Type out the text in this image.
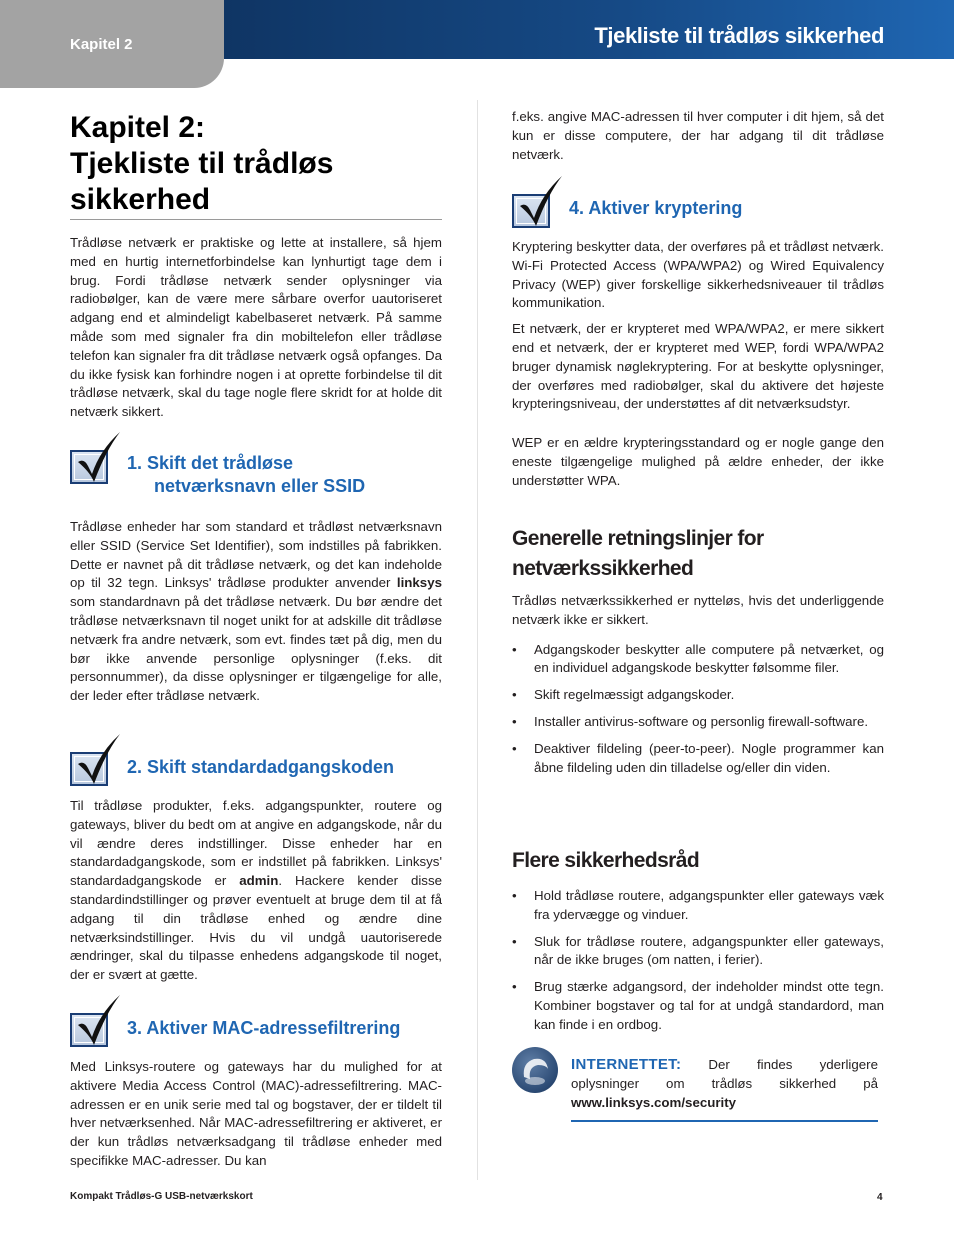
Kapitel 2	Tjekliste til trådløs sikkerhed
Kapitel 2:
Tjekliste til trådløs
sikkerhed

Trådløse netværk er praktiske og lette at installere, så hjem med en hurtig internetforbindelse kan lynhurtigt tage dem i brug. Fordi trådløse netværk sender oplysninger via radiobølger, kan de være mere sårbare overfor uautoriseret adgang end et almindeligt kabelbaseret netværk. På samme måde som med signaler fra din mobiltelefon eller trådløse telefon kan signaler fra dit trådløse netværk også opfanges. Da du ikke fysisk kan forhindre nogen i at oprette forbindelse til dit trådløse netværk, skal du tage nogle flere skridt for at holde dit netværk sikkert.

1. Skift det trådløse
netværksnavn eller SSID

Trådløse enheder har som standard et trådløst netværksnavn eller SSID (Service Set Identifier), som indstilles på fabrikken. Dette er navnet på dit trådløse netværk, og det kan indeholde op til 32 tegn. Linksys' trådløse produkter anvender linksys som standardnavn på det trådløse netværk. Du bør ændre det trådløse netværksnavn til noget unikt for at adskille dit trådløse netværk fra andre netværk, som evt. findes tæt på dig, men du bør ikke anvende personlige oplysninger (f.eks. dit personnummer), da disse oplysninger er tilgængelige for alle, der leder efter trådløse netværk.

2. Skift standardadgangskoden

Til trådløse produkter, f.eks. adgangspunkter, routere og gateways, bliver du bedt om at angive en adgangskode, når du vil ændre deres indstillinger. Disse enheder har en standardadgangskode, som er indstillet på fabrikken. Linksys' standardadgangskode er admin. Hackere kender disse standardindstillinger og prøver eventuelt at bruge dem til at få adgang til din trådløse enhed og ændre dine netværksindstillinger. Hvis du vil undgå uautoriserede ændringer, skal du tilpasse enhedens adgangskode til noget, der er svært at gætte.

3. Aktiver MAC-adressefiltrering

Med Linksys-routere og gateways har du mulighed for at aktivere Media Access Control (MAC)-adressefiltrering. MAC-adressen er en unik serie med tal og bogstaver, der er tildelt til hver netværksenhed. Når MAC-adressefiltrering er aktiveret, er der kun trådløs netværksadgang til trådløse enheder med specifikke MAC-adresser. Du kan

f.eks. angive MAC-adressen til hver computer i dit hjem, så det kun er disse computere, der har adgang til dit trådløse netværk.

4. Aktiver kryptering

Kryptering beskytter data, der overføres på et trådløst netværk. Wi-Fi Protected Access (WPA/WPA2) og Wired Equivalency Privacy (WEP) giver forskellige sikkerhedsniveauer til trådløs kommunikation.

Et netværk, der er krypteret med WPA/WPA2, er mere sikkert end et netværk, der er krypteret med WEP, fordi WPA/WPA2 bruger dynamisk nøglekryptering. For at beskytte oplysninger, der overføres med radiobølger, skal du aktivere det højeste krypteringsniveau, der understøttes af dit netværksudstyr.

WEP er en ældre krypteringsstandard og er nogle gange den eneste tilgængelige mulighed på ældre enheder, der ikke understøtter WPA.

Generelle retningslinjer for
netværkssikkerhed

Trådløs netværkssikkerhed er nytteløs, hvis det underliggende netværk ikke er sikkert.

• Adgangskoder beskytter alle computere på netværket, og en individuel adgangskode beskytter følsomme filer.
• Skift regelmæssigt adgangskoder.
• Installer antivirus-software og personlig firewall-software.
• Deaktiver fildeling (peer-to-peer). Nogle programmer kan åbne fildeling uden din tilladelse og/eller din viden.
Flere sikkerhedsråd
• Hold trådløse routere, adgangspunkter eller gateways væk fra ydervægge og vinduer.
• Sluk for trådløse routere, adgangspunkter eller gateways, når de ikke bruges (om natten, i ferier).
• Brug stærke adgangsord, der indeholder mindst otte tegn. Kombiner bogstaver og tal for at undgå standardord, man kan finde i en ordbog.

INTERNETTET: Der findes yderligere oplysninger om trådløs sikkerhed på www.linksys.com/security

Kompakt Trådløs-G USB-netværkskort	4
